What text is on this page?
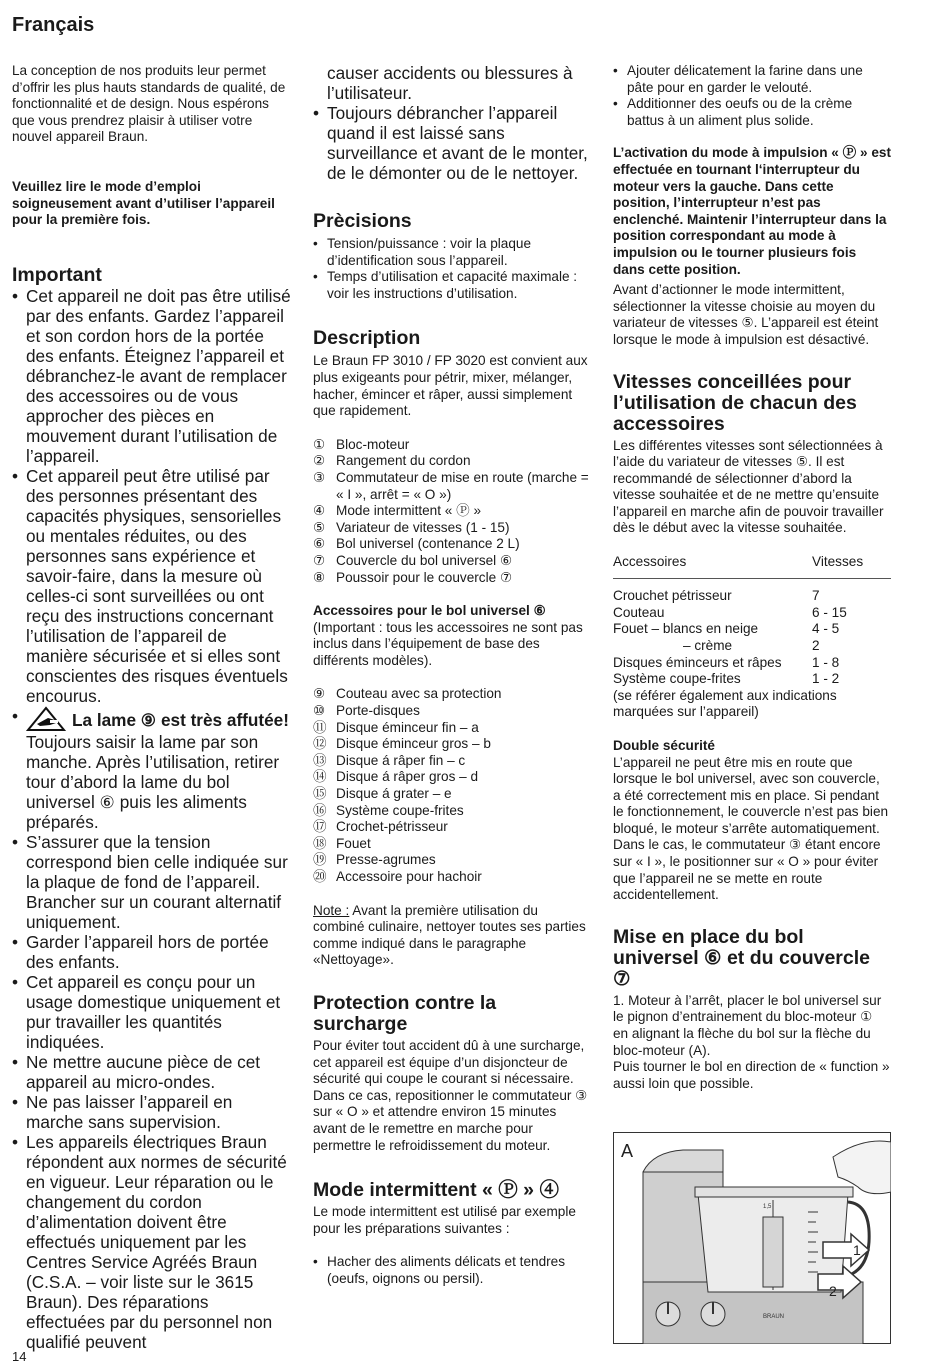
Français

La conception de nos produits leur permet d’offrir les plus hauts standards de qualité, de fonctionnalité et de design. Nous espérons que vous prendrez plaisir à utiliser votre nouvel appareil Braun.

Veuillez lire le mode d’emploi soigneusement avant d’utiliser l’appareil pour la première fois.

Important
• Cet appareil ne doit pas être utilisé par des enfants. Gardez l’appareil et son cordon hors de la portée des enfants. Éteignez l’appareil et débranchez-le avant de remplacer des accessoires ou de vous approcher des pièces en mouvement durant l’utilisation de l’appareil.
• Cet appareil peut être utilisé par des personnes présentant des capacités physiques, sensorielles ou mentales réduites, ou des personnes sans expérience et savoir-faire, dans la mesure où celles-ci sont surveillées ou ont reçu des instructions concernant l’utilisation de l’appareil de manière sécurisée et si elles sont conscientes des risques éventuels encourus.
•	La lame ⑨ est très affutée! Toujours saisir la lame par son manche. Après l’utilisation, retirer tour d’abord la lame du bol universel ⑥ puis les aliments préparés.
• S’assurer que la tension correspond bien celle indiquée sur la plaque de fond de l’appareil. Brancher sur un courant alternatif uniquement.
• Garder l’appareil hors de portée des enfants.
• Cet appareil es conçu pour un usage domestique uniquement et pur travailler les quantités indiquées.
• Ne mettre aucune pièce de cet appareil au micro-ondes.
• Ne pas laisser l’appareil en marche sans supervision.
• Les appareils électriques Braun répondent aux normes de sécurité en vigueur. Leur réparation ou le changement du cordon d’alimentation doivent être effectués uniquement par les Centres Service Agréés Braun (C.S.A. – voir liste sur le 3615 Braun). Des réparations effectuées par du personnel non qualifié peuvent

causer accidents ou blessures à l’utilisateur.

• Toujours débrancher l’appareil quand il est laissé sans surveillance et avant de le monter, de le démonter ou de le nettoyer.
Prècisions
• Tension/puissance : voir la plaque d’identification sous l’appareil.
• Temps d’utilisation et capacité maximale : voir les instructions d’utilisation.
Description

Le Braun FP 3010 / FP 3020 est convient aux plus exigeants pour pétrir, mixer, mélanger, hacher, émincer et râper, aussi simplement que rapidement.

① Bloc-moteur
② Rangement du cordon
③ Commutateur de mise en route (marche = « I », arrêt = « O »)
④ Mode intermittent « Ⓟ »
⑤ Variateur de vitesses (1 - 15)
⑥ Bol universel (contenance 2 L)
⑦ Couvercle du bol universel ⑥
⑧ Poussoir pour le couvercle ⑦

Accessoires pour le bol universel ⑥

(Important : tous les accessoires ne sont pas inclus dans l’équipement de base des différents modèles).

⑨ Couteau avec sa protection
⑩ Porte-disques
⑪ Disque éminceur fin – a
⑫ Disque éminceur gros – b
⑬ Disque á râper fin – c
⑭ Disque á râper gros – d
⑮ Disque á grater – e
⑯ Système coupe-frites
⑰ Crochet-pétrisseur
⑱ Fouet
⑲ Presse-agrumes
⑳ Accessoire pour hachoir

Note : Avant la première utilisation du combiné culinaire, nettoyer toutes ses parties comme indiqué dans le paragraphe «Nettoyage».

Protection contre la surcharge

Pour éviter tout accident dû à une surcharge, cet appareil est équipe d’un disjoncteur de sécurité qui coupe le courant si nécessaire. Dans ce cas, repositionner le commutateur ③ sur « O » et attendre environ 15 minutes avant de le remettre en marche pour permettre le refroidissement du moteur.

Mode intermittent « Ⓟ » ④

Le mode intermittent est utilisé par exemple pour les préparations suivantes :

• Hacher des aliments délicats et tendres (oeufs, oignons ou persil).
• Ajouter délicatement la farine dans une pâte pour en garder le velouté.
• Additionner des oeufs ou de la crème battus à un aliment plus solide.

L’activation du mode à impulsion « Ⓟ » est effectuée en tournant l‘interrupteur du moteur vers la gauche. Dans cette position, l’interrupteur n’est pas enclenché. Maintenir l’interrupteur dans la position correspondant au mode à impulsion ou le tourner plusieurs fois dans cette position.

Avant d’actionner le mode intermittent, sélectionner la vitesse choisie au moyen du variateur de vitesses ⑤. L’appareil est éteint lorsque le mode à impulsion est désactivé.

Vitesses conceillées pour l’utilisation de chacun des accessoires

Les différentes vitesses sont sélectionnées à l’aide du variateur de vitesses ⑤. Il est recommandé de sélectionner d’abord la vitesse souhaitée et de ne mettre qu’ensuite l’appareil en marche afin de pouvoir travailler dès le début avec la vitesse souhaitée.

Accessoires	Vitesses

Crouchet pétrisseur	7
Couteau	6 - 15
Fouet – blancs en neige	4 - 5
– crème	2
Disques éminceurs et râpes	1 - 8
Système coupe-frites	1 - 2

(se référer également aux indications marquées sur l’appareil)

Double sécurité

L’appareil ne peut être mis en route que lorsque le bol universel, avec son couvercle, a été correctement mis en place. Si pendant le fonctionnement, le couvercle n’est pas bien bloqué, le moteur s’arrête automatiquement. Dans le cas, le commutateur ③ étant encore sur « I », le positionner sur « O » pour éviter que l’appareil ne se mette en route accidentellement.

Mise en place du bol universel ⑥ et du couvercle ⑦

1. Moteur à l’arrêt, placer le bol universel sur le pignon d’entrainement du bloc-moteur ① en alignant la flèche du bol sur la flèche du bloc-moteur (A).

Puis tourner le bol en direction de « function » aussi loin que possible.

BRAUN
1,5
A
1
2
14
